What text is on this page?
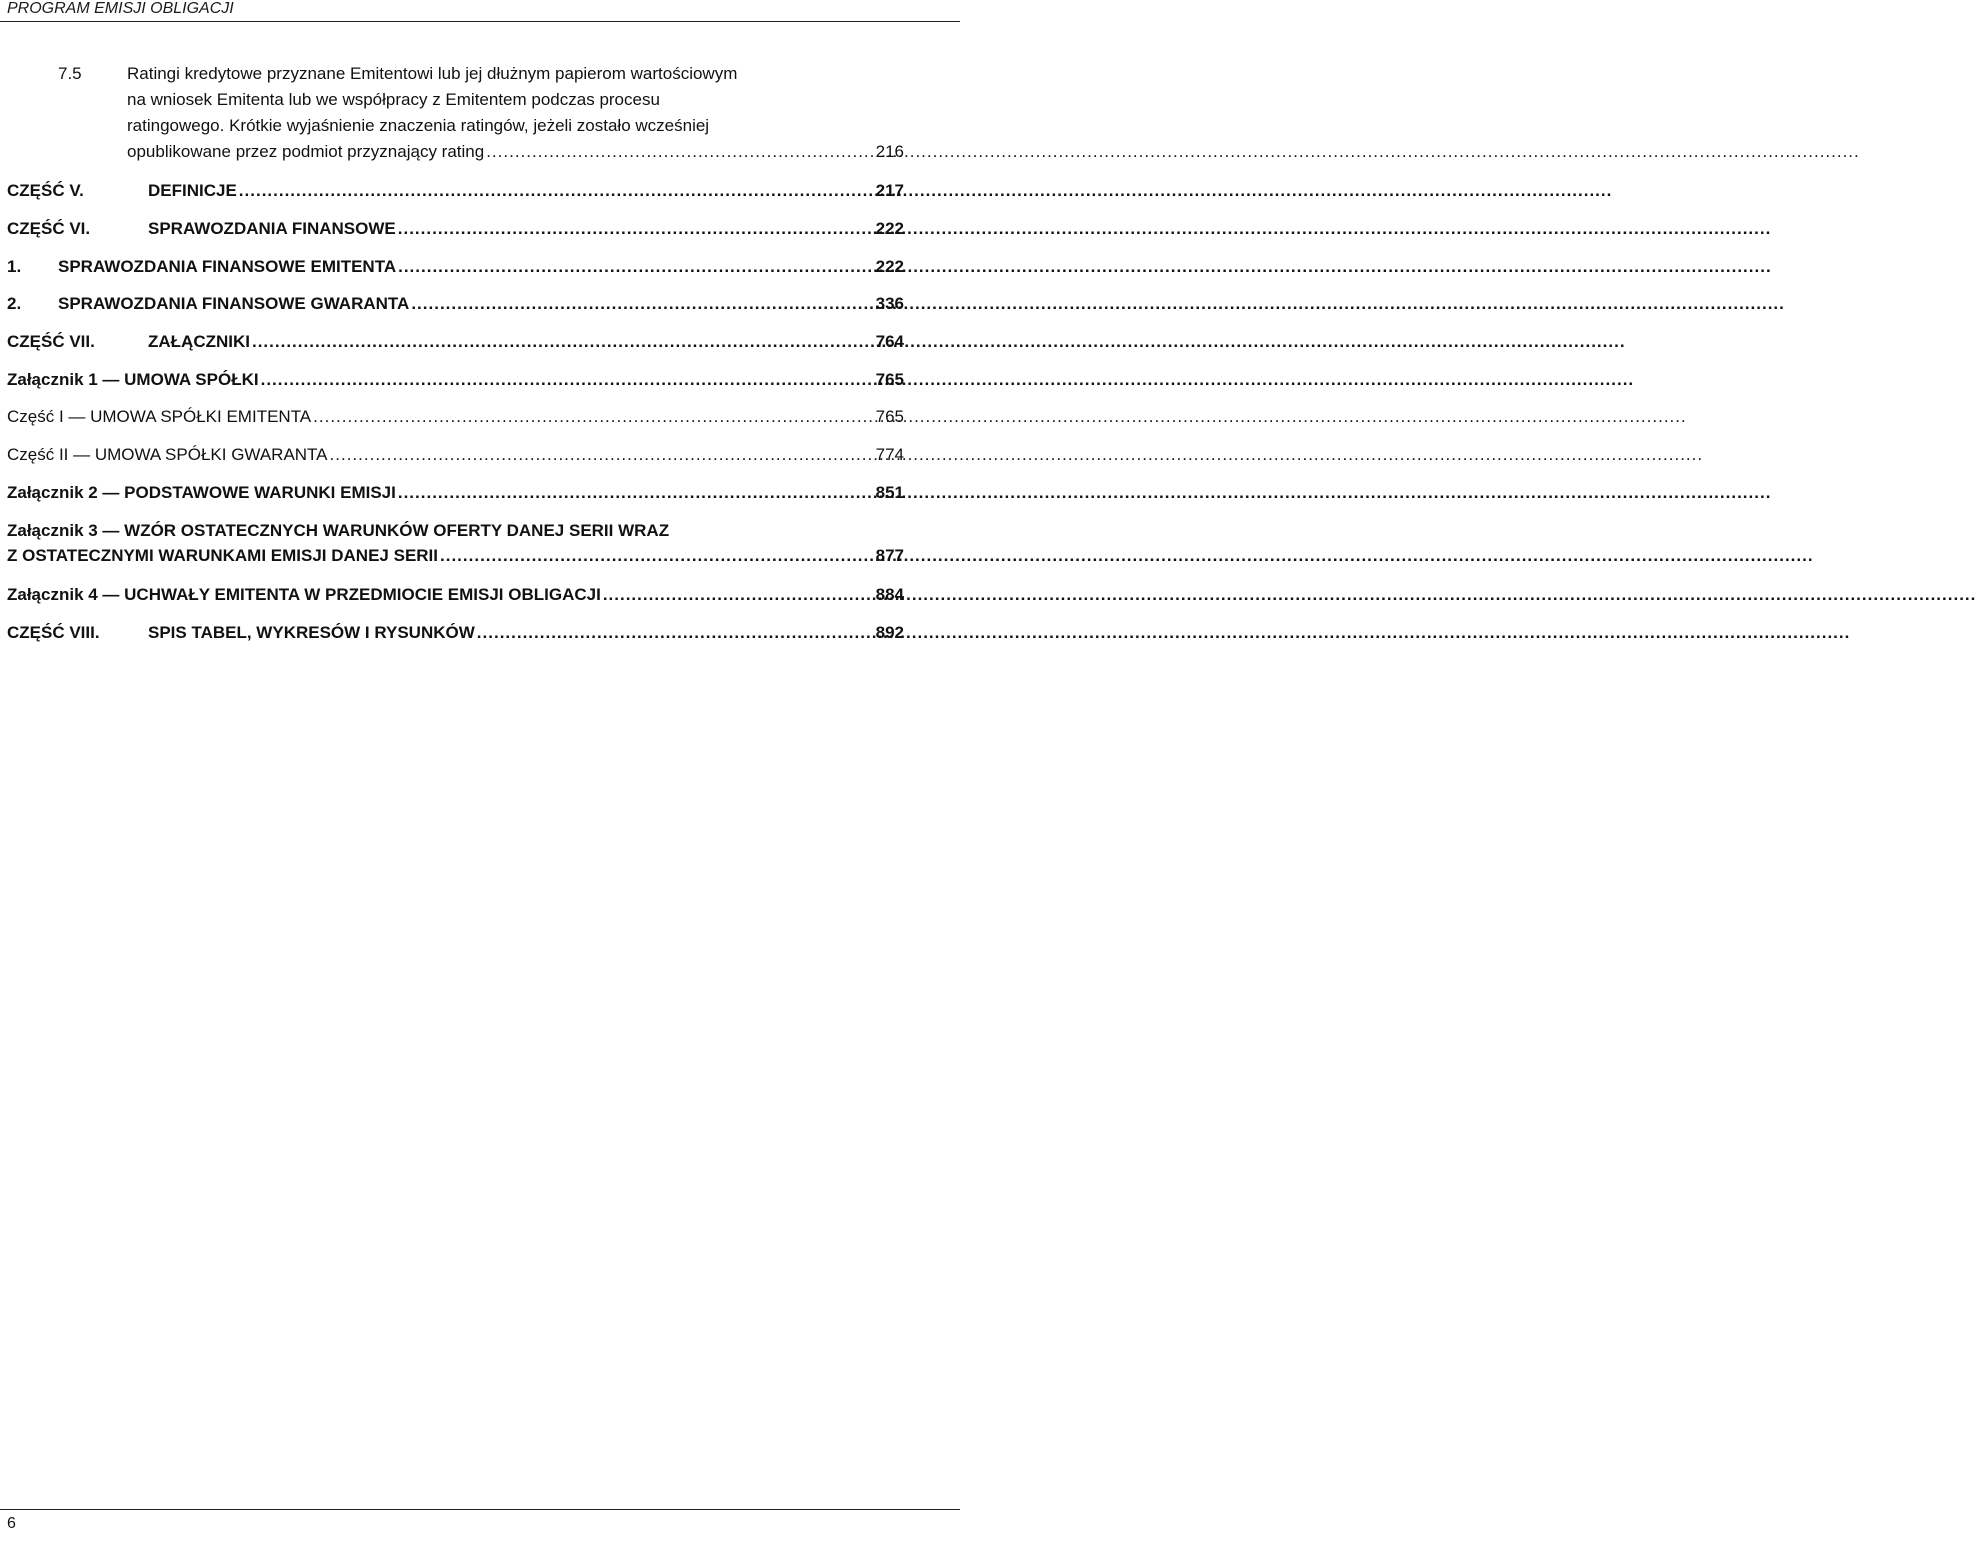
PROGRAM EMISJI OBLIGACJI
7.5	Ratingi kredytowe przyznane Emitentowi lub jej dłużnym papierom wartościowym
na wniosek Emitenta lub we współpracy z Emitentem podczas procesu
ratingowego. Krótkie wyjaśnienie znaczenia ratingów, jeżeli zostało wcześniej
opublikowane przez podmiot przyznający rating .....	216
CZĘŚĆ V.	DEFINICJE .....	217
CZĘŚĆ VI.	SPRAWOZDANIA FINANSOWE .....	222
1.	SPRAWOZDANIA FINANSOWE EMITENTA .....	222
2.	SPRAWOZDANIA FINANSOWE GWARANTA .....	336
CZĘŚĆ VII.	ZAŁĄCZNIKI .....	764
Załącznik 1 — UMOWA SPÓŁKI .....	765
Część I — UMOWA SPÓŁKI EMITENTA .....	765
Część II — UMOWA SPÓŁKI GWARANTA .....	774
Załącznik 2 — PODSTAWOWE WARUNKI EMISJI .....	851
Załącznik 3 — WZÓR OSTATECZNYCH WARUNKÓW OFERTY DANEJ SERII WRAZ
Z OSTATECZNYMI WARUNKAMI EMISJI DANEJ SERII .....	877
Załącznik 4 — UCHWAŁY EMITENTA W PRZEDMIOCIE EMISJI OBLIGACJI .....	884
CZĘŚĆ VIII.	SPIS TABEL, WYKRESÓW I RYSUNKÓW .....	892
6
